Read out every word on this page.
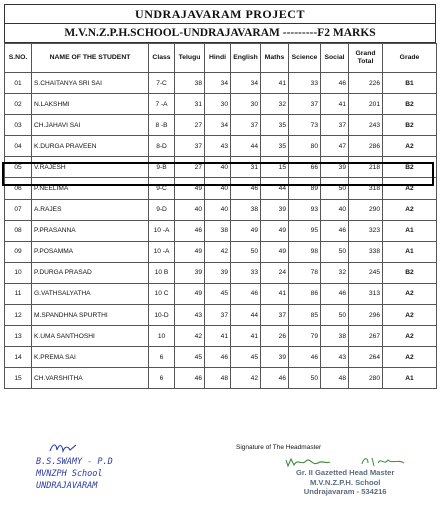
UNDRAJAVARAM PROJECT
M.V.N.Z.P.H.SCHOOL-UNDRAJAVARAM ---------F2 MARKS
S.NO.	NAME OF THE STUDENT	Class	Telugu	Hindi	English	Maths	Science	Social	Grand Total	Grade
01	S.CHAITANYA SRI SAI	7-C	38	34	34	41	33	46	226	B1
02	N.LAKSHMI	7 -A	31	30	30	32	37	41	201	B2
03	CH.JAHAVI SAI	8 -B	27	34	37	35	73	37	243	B2
04	K.DURGA PRAVEEN	8-D	37	43	44	35	80	47	286	A2
05	V.RAJESH	9-B	27	40	31	15	66	39	218	B2
06	P.NEELIMA	9-C	49	40	46	44	89	50	318	A2
07	A.RAJES	9-D	40	40	38	39	93	40	290	A2
08	P.PRASANNA	10 -A	46	38	49	49	95	46	323	A1
09	P.POSAMMA	10 -A	49	42	50	49	98	50	338	A1
10	P.DURGA PRASAD	10 B	39	39	33	24	78	32	245	B2
11	G.VATHSALYATHA	10 C	49	45	46	41	86	46	313	A2
12	M.SPANDHNA SPURTHI	10-D	43	37	44	37	85	50	296	A2
13	K.UMA SANTHOSHI	10	42	41	41	26	79	38	267	A2
14	K.PREMA SAI	6	45	46	45	39	46	43	264	A2
15	CH.VARSHITHA	6	46	48	42	46	50	48	280	A1
B.S.SWAMY - P.D
MVNZPH School
UNDRAJAVARAM
Signature of The Headmaster
Gr. II Gazetted Head Master
M.V.N.Z.P.H. School
Undrajavaram - 534216
